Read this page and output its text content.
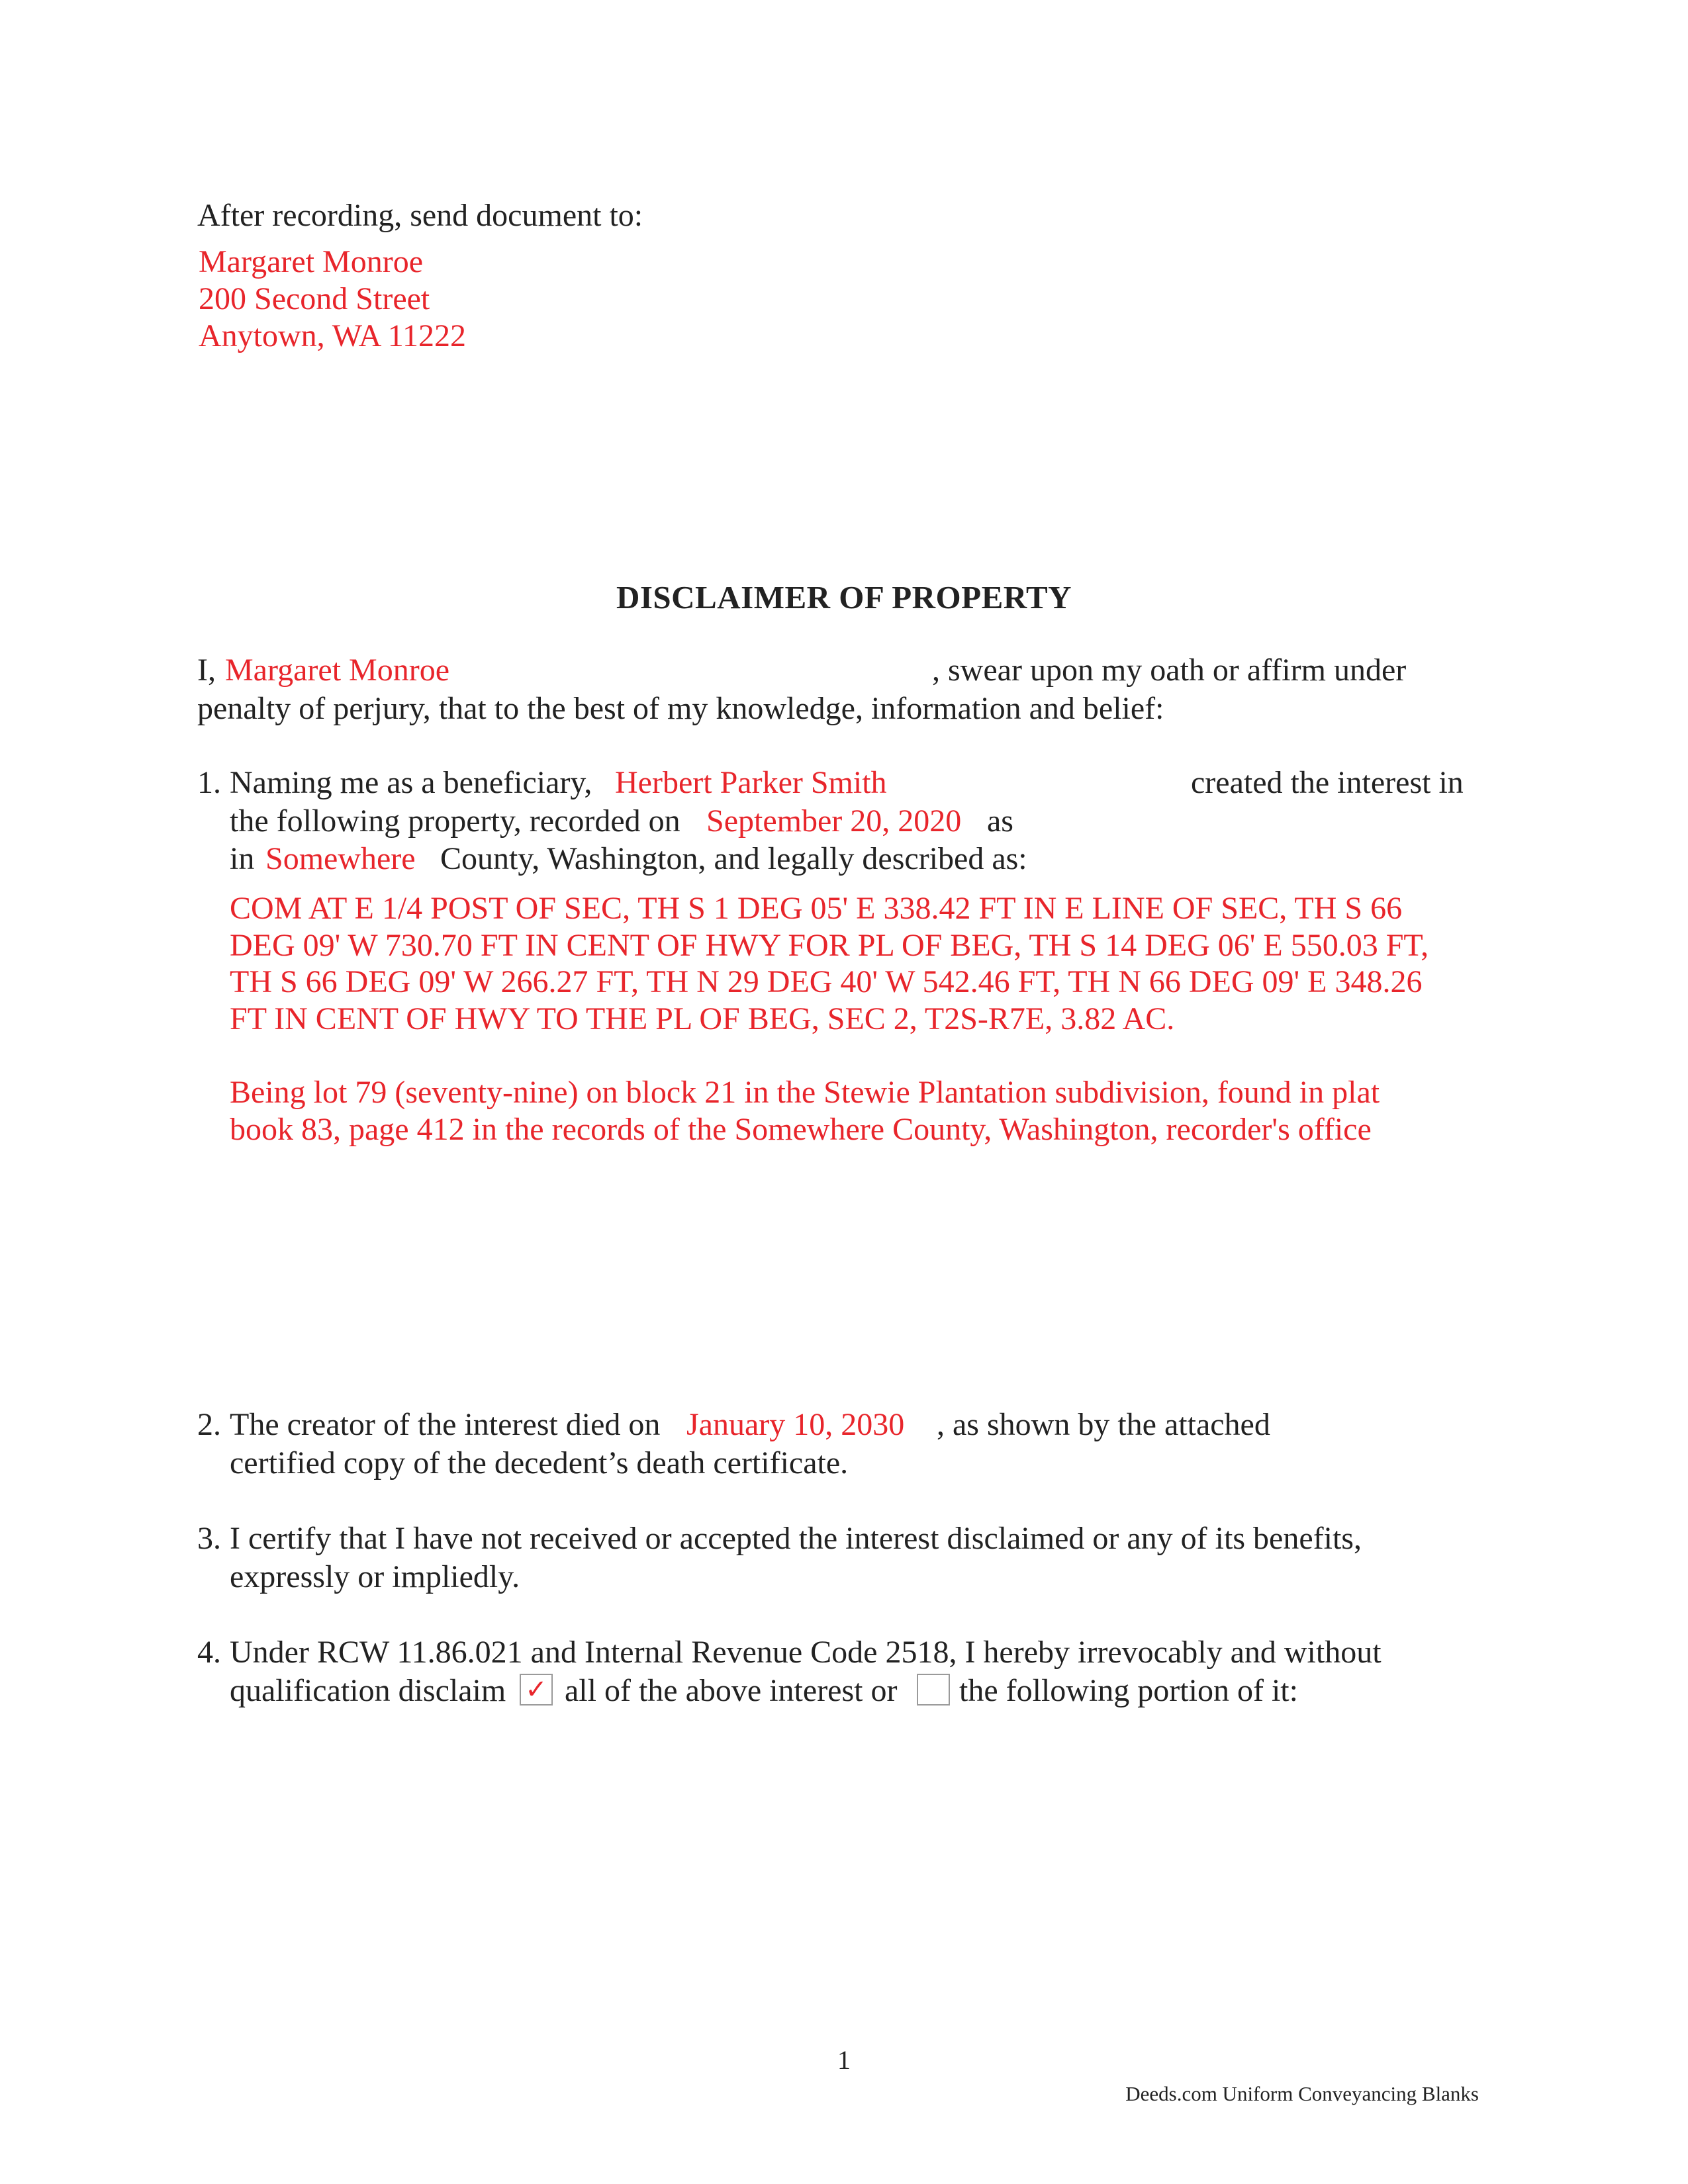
After recording, send document to:
Margaret Monroe
200 Second Street
Anytown, WA 11222
DISCLAIMER OF PROPERTY
I, Margaret Monroe	, swear upon my oath or affirm under
penalty of perjury, that to the best of my knowledge, information and belief:
1. Naming me as a beneficiary, Herbert Parker Smith	created the interest in
the following property, recorded on September 20, 2020 as
in Somewhere County, Washington, and legally described as:
COM AT E 1/4 POST OF SEC, TH S 1 DEG 05' E 338.42 FT IN E LINE OF SEC, TH S 66
DEG 09' W 730.70 FT IN CENT OF HWY FOR PL OF BEG, TH S 14 DEG 06' E 550.03 FT,
TH S 66 DEG 09' W 266.27 FT, TH N 29 DEG 40' W 542.46 FT, TH N 66 DEG 09' E 348.26
FT IN CENT OF HWY TO THE PL OF BEG, SEC 2, T2S-R7E, 3.82 AC.
Being lot 79 (seventy-nine) on block 21 in the Stewie Plantation subdivision, found in plat
book 83, page 412 in the records of the Somewhere County, Washington, recorder's office
2. The creator of the interest died on January 10, 2030 , as shown by the attached
certified copy of the decedent’s death certificate.
3. I certify that I have not received or accepted the interest disclaimed or any of its benefits,
expressly or impliedly.
4. Under RCW 11.86.021 and Internal Revenue Code 2518, I hereby irrevocably and without
qualification disclaim ✓ all of the above interest or the following portion of it:
1
Deeds.com Uniform Conveyancing Blanks
